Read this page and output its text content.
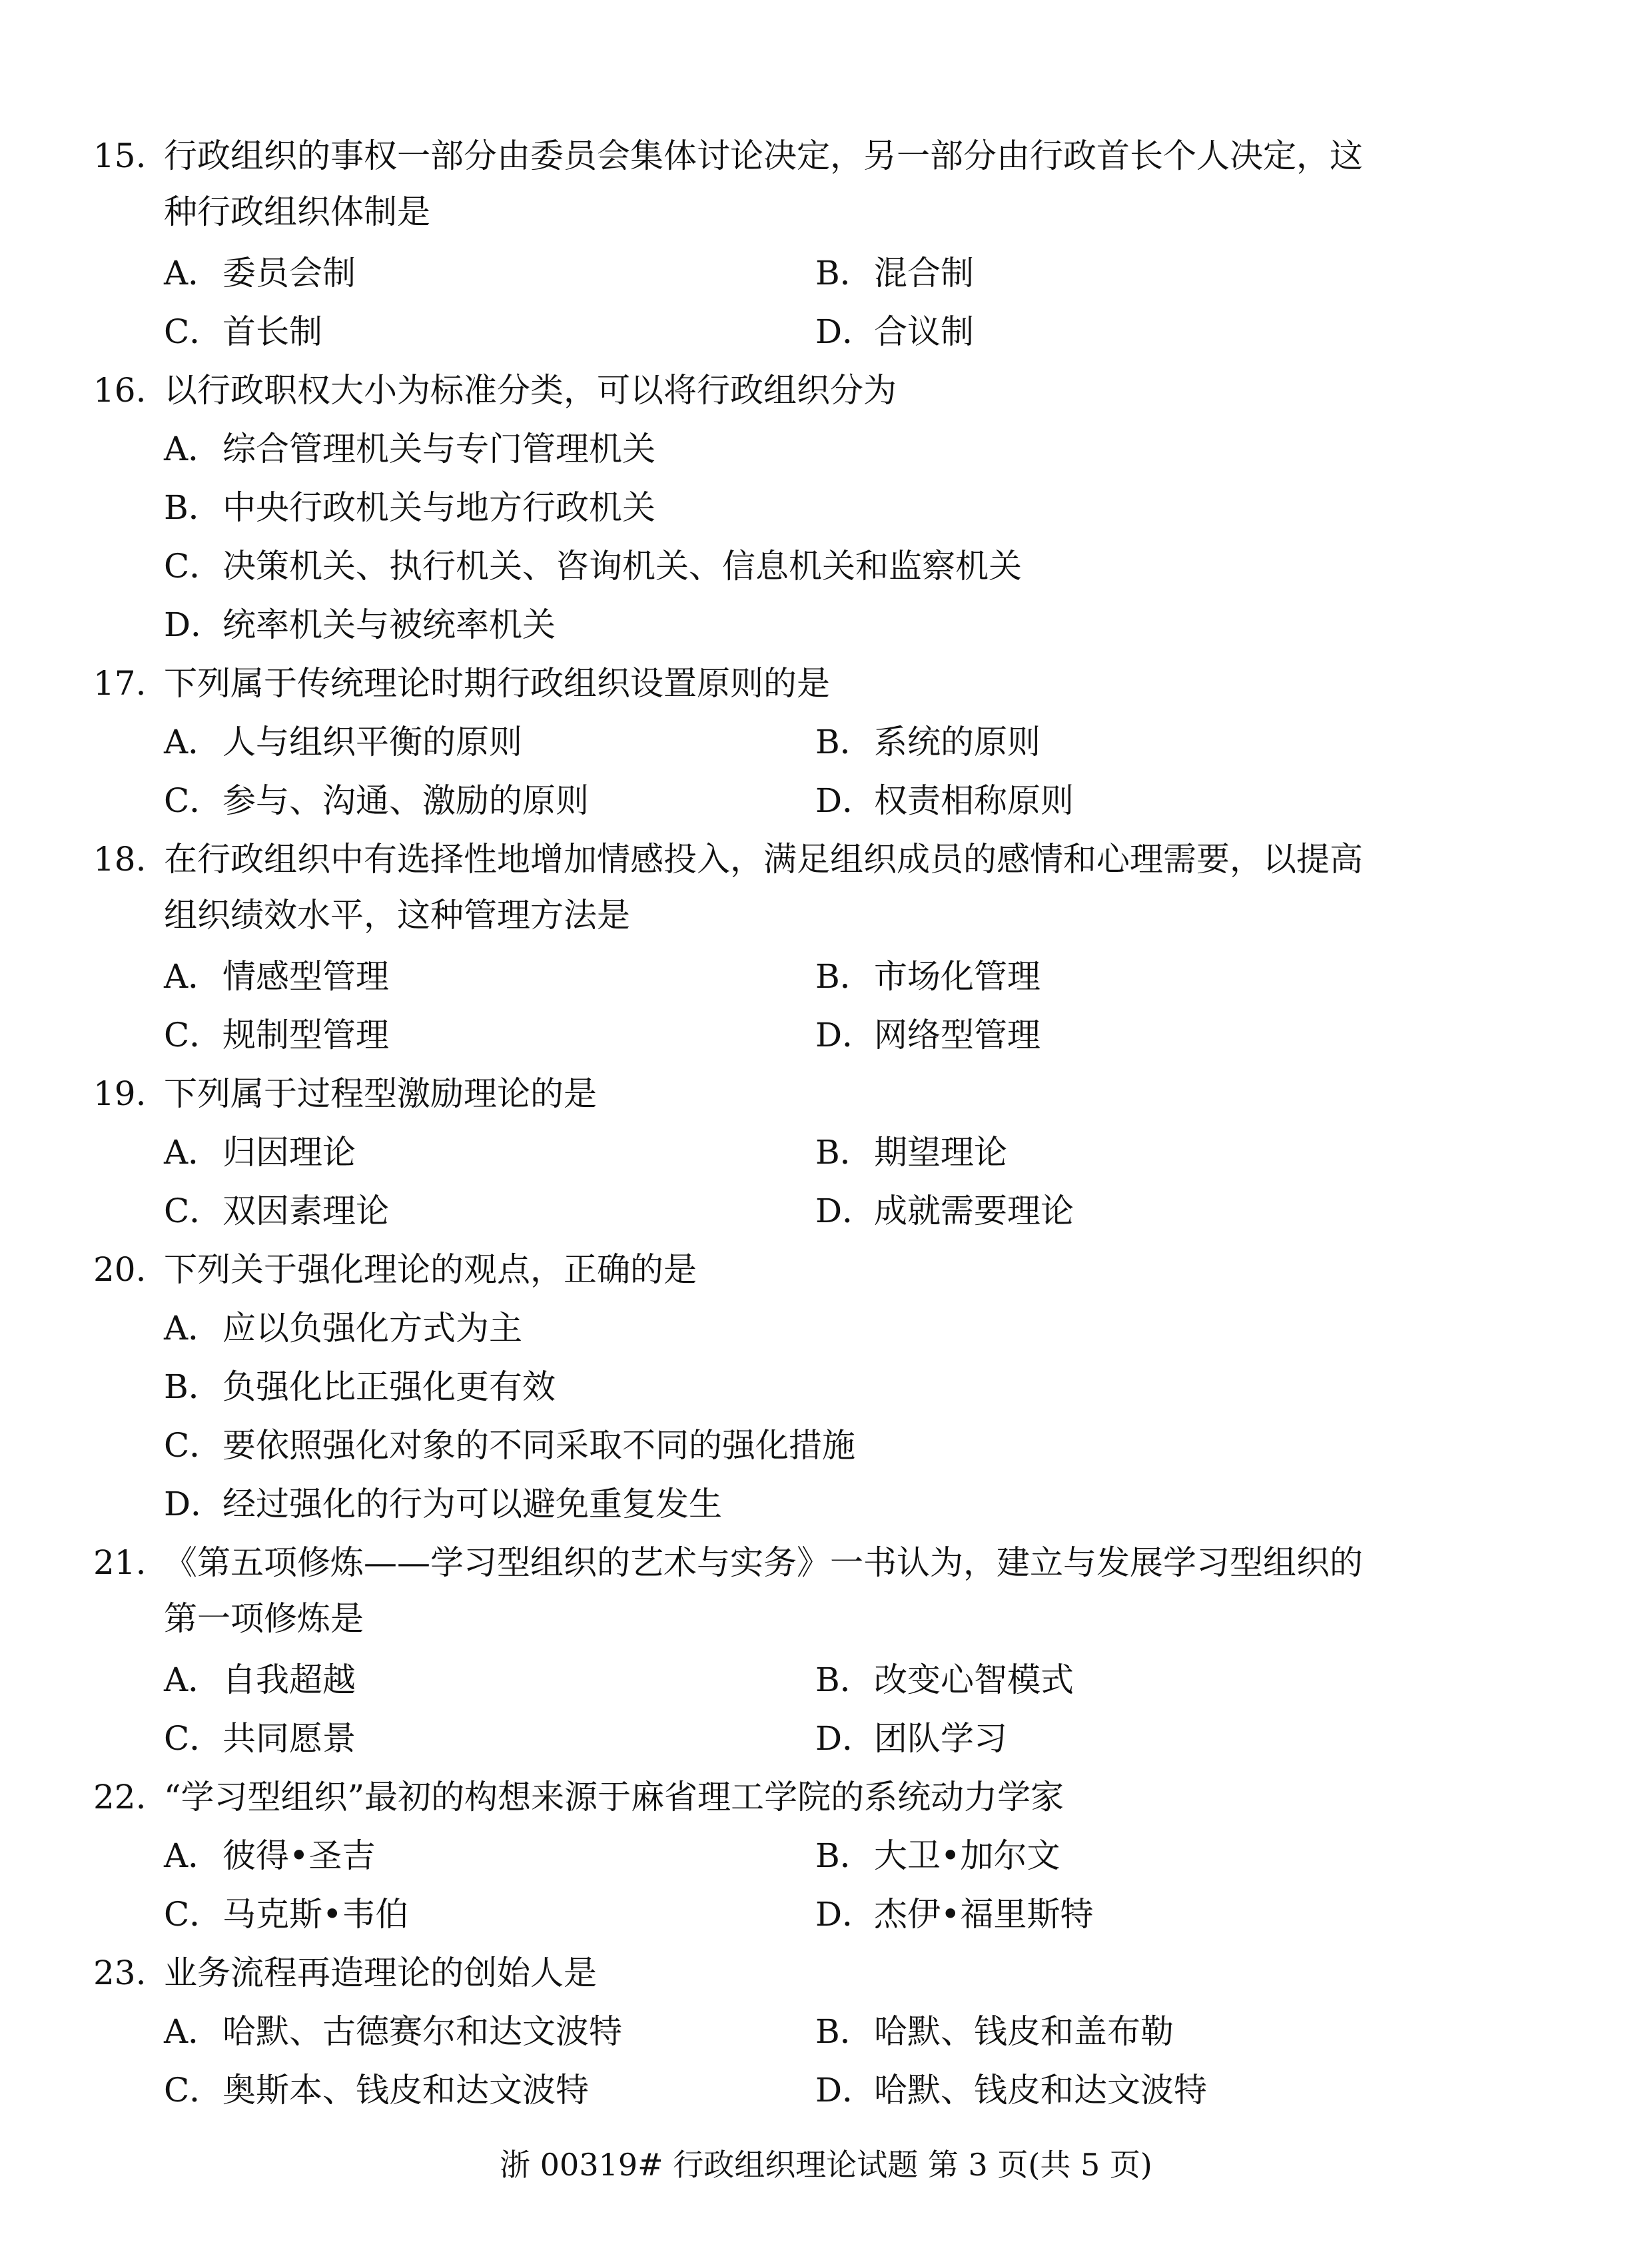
15. 行政组织的事权一部分由委员会集体讨论决定，另一部分由行政首长个人决定，这
种行政组织体制是
A．委员会制	B．混合制
C．首长制	D．合议制
16. 以行政职权大小为标准分类，可以将行政组织分为
A．综合管理机关与专门管理机关
B．中央行政机关与地方行政机关
C．决策机关、执行机关、咨询机关、信息机关和监察机关
D．统率机关与被统率机关
17. 下列属于传统理论时期行政组织设置原则的是
A．人与组织平衡的原则	B．系统的原则
C．参与、沟通、激励的原则	D．权责相称原则
18. 在行政组织中有选择性地增加情感投入，满足组织成员的感情和心理需要，以提高
组织绩效水平，这种管理方法是
A．情感型管理	B．市场化管理
C．规制型管理	D．网络型管理
19. 下列属于过程型激励理论的是
A．归因理论	B．期望理论
C．双因素理论	D．成就需要理论
20. 下列关于强化理论的观点，正确的是
A．应以负强化方式为主
B．负强化比正强化更有效
C．要依照强化对象的不同采取不同的强化措施
D．经过强化的行为可以避免重复发生
21. 《第五项修炼——学习型组织的艺术与实务》一书认为，建立与发展学习型组织的
第一项修炼是
A．自我超越	B．改变心智模式
C．共同愿景	D．团队学习
22. “学习型组织”最初的构想来源于麻省理工学院的系统动力学家
A．彼得•圣吉	B．大卫•加尔文
C．马克斯•韦伯	D．杰伊•福里斯特
23. 业务流程再造理论的创始人是
A．哈默、古德赛尔和达文波特	B．哈默、钱皮和盖布勒
C．奥斯本、钱皮和达文波特	D．哈默、钱皮和达文波特
浙 00319# 行政组织理论试题 第 3 页(共 5 页)
